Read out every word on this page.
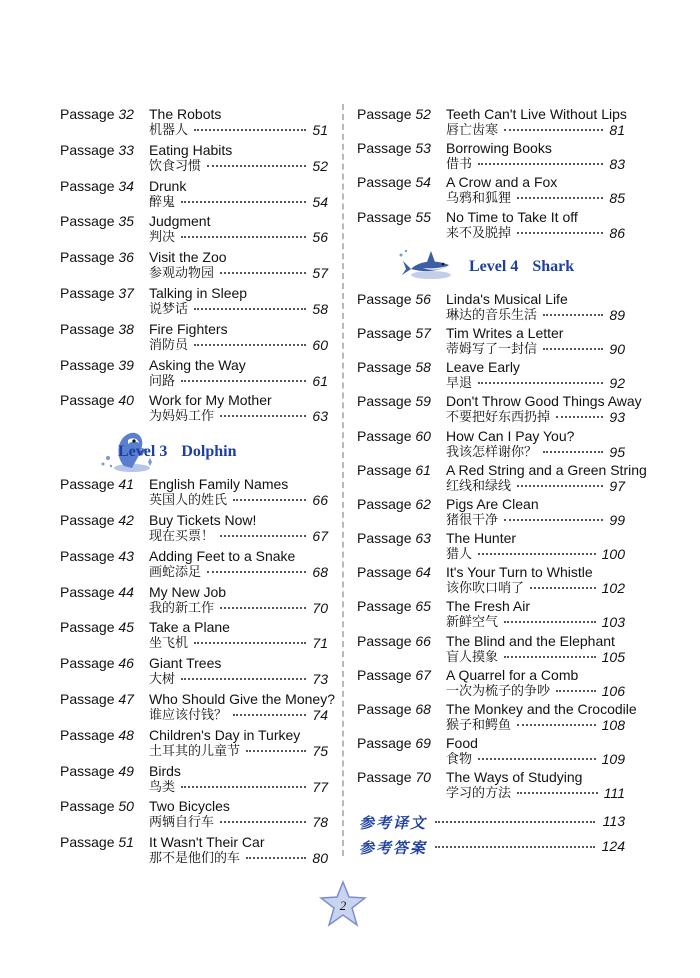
Passage 32 The Robots
机器人	51
Passage 33 Eating Habits
饮食习惯	52
Passage 34 Drunk
醉鬼	54
Passage 35 Judgment
判决	56
Passage 36 Visit the Zoo
参观动物园	57
Passage 37 Talking in Sleep
说梦话	58
Passage 38 Fire Fighters
消防员	60
Passage 39 Asking the Way
问路	61
Passage 40 Work for My Mother
为妈妈工作	63
Level 3 Dolphin
Passage 41 English Family Names
英国人的姓氏	66
Passage 42 Buy Tickets Now!
现在买票！	67
Passage 43 Adding Feet to a Snake
画蛇添足	68
Passage 44 My New Job
我的新工作	70
Passage 45 Take a Plane
坐飞机	71
Passage 46 Giant Trees
大树	73
Passage 47 Who Should Give the Money?
谁应该付钱？	74
Passage 48 Children's Day in Turkey
土耳其的儿童节	75
Passage 49 Birds
鸟类	77
Passage 50 Two Bicycles
两辆自行车	78
Passage 51 It Wasn't Their Car
那不是他们的车	80
Passage 52 Teeth Can't Live Without Lips
唇亡齿寒	81
Passage 53 Borrowing Books
借书	83
Passage 54 A Crow and a Fox
乌鸦和狐狸	85
Passage 55 No Time to Take It off
来不及脱掉	86
Level 4 Shark
Passage 56 Linda's Musical Life
琳达的音乐生活	89
Passage 57 Tim Writes a Letter
蒂姆写了一封信	90
Passage 58 Leave Early
早退	92
Passage 59 Don't Throw Good Things Away
不要把好东西扔掉	93
Passage 60 How Can I Pay You?
我该怎样谢你？	95
Passage 61 A Red String and a Green String
红线和绿线	97
Passage 62 Pigs Are Clean
猪很干净	99
Passage 63 The Hunter
猎人	100
Passage 64 It's Your Turn to Whistle
该你吹口哨了	102
Passage 65 The Fresh Air
新鲜空气	103
Passage 66 The Blind and the Elephant
盲人摸象	105
Passage 67 A Quarrel for a Comb
一次为梳子的争吵	106
Passage 68 The Monkey and the Crocodile
猴子和鳄鱼	108
Passage 69 Food
食物	109
Passage 70 The Ways of Studying
学习的方法	111
参考译文	113
参考答案	124
2
